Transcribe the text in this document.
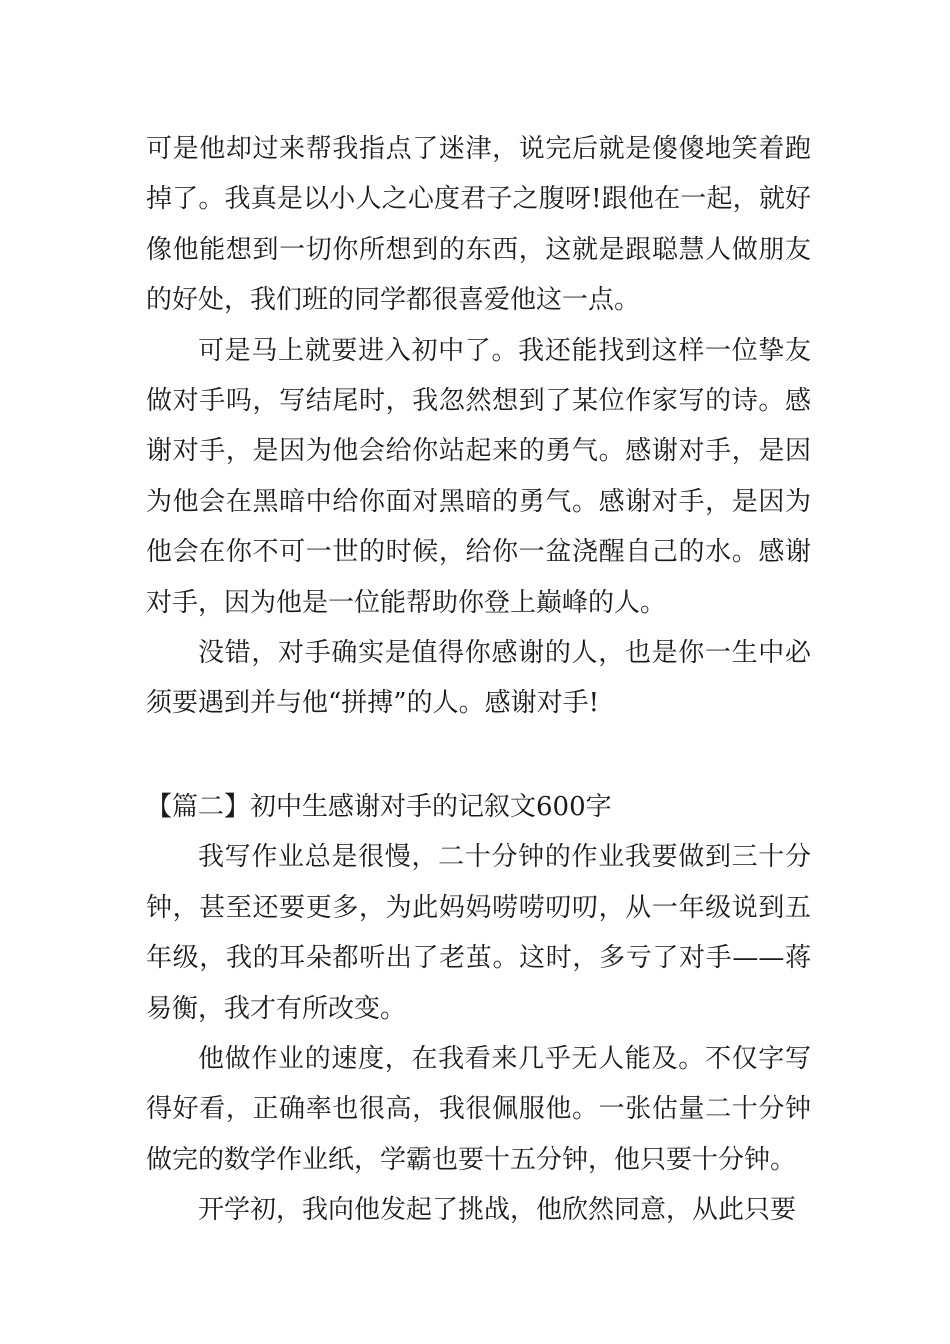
可是他却过来帮我指点了迷津，说完后就是傻傻地笑着跑掉了。我真是以小人之心度君子之腹呀!跟他在一起，就好像他能想到一切你所想到的东西，这就是跟聪慧人做朋友的好处，我们班的同学都很喜爱他这一点。

可是马上就要进入初中了。我还能找到这样一位挚友做对手吗，写结尾时，我忽然想到了某位作家写的诗。感谢对手，是因为他会给你站起来的勇气。感谢对手，是因为他会在黑暗中给你面对黑暗的勇气。感谢对手，是因为他会在你不可一世的时候，给你一盆浇醒自己的水。感谢对手，因为他是一位能帮助你登上巅峰的人。

没错，对手确实是值得你感谢的人，也是你一生中必须要遇到并与他“拼搏”的人。感谢对手!

【篇二】初中生感谢对手的记叙文600字

我写作业总是很慢，二十分钟的作业我要做到三十分钟，甚至还要更多，为此妈妈唠唠叨叨，从一年级说到五年级，我的耳朵都听出了老茧。这时，多亏了对手——蒋易衡，我才有所改变。

他做作业的速度，在我看来几乎无人能及。不仅字写得好看，正确率也很高，我很佩服他。一张估量二十分钟做完的数学作业纸，学霸也要十五分钟，他只要十分钟。

开学初，我向他发起了挑战，他欣然同意，从此只要
